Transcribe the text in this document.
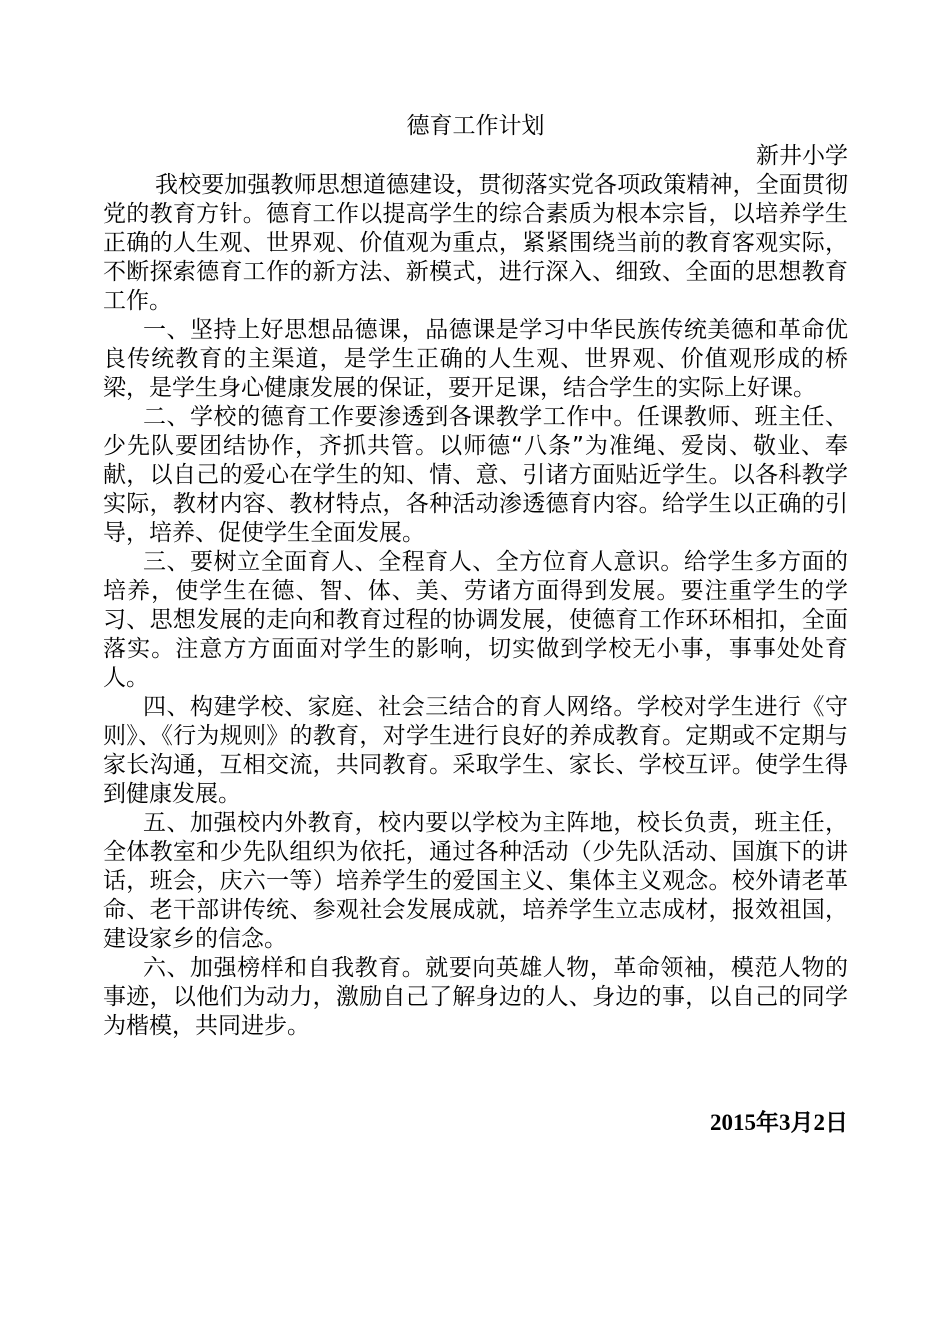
德育工作计划
新井小学

我校要加强教师思想道德建设，贯彻落实党各项政策精神，全面贯彻党的教育方针。德育工作以提高学生的综合素质为根本宗旨，以培养学生正确的人生观、世界观、价值观为重点，紧紧围绕当前的教育客观实际，不断探索德育工作的新方法、新模式，进行深入、细致、全面的思想教育工作。

一、坚持上好思想品德课，品德课是学习中华民族传统美德和革命优良传统教育的主渠道，是学生正确的人生观、世界观、价值观形成的桥梁，是学生身心健康发展的保证，要开足课，结合学生的实际上好课。

二、学校的德育工作要渗透到各课教学工作中。任课教师、班主任、少先队要团结协作，齐抓共管。以师德“八条”为准绳、爱岗、敬业、奉献，以自己的爱心在学生的知、情、意、引诸方面贴近学生。以各科教学实际，教材内容、教材特点，各种活动渗透德育内容。给学生以正确的引导，培养、促使学生全面发展。

三、要树立全面育人、全程育人、全方位育人意识。给学生多方面的培养，使学生在德、智、体、美、劳诸方面得到发展。要注重学生的学习、思想发展的走向和教育过程的协调发展，使德育工作环环相扣，全面落实。注意方方面面对学生的影响，切实做到学校无小事，事事处处育人。

四、构建学校、家庭、社会三结合的育人网络。学校对学生进行《守则》、《行为规则》的教育，对学生进行良好的养成教育。定期或不定期与家长沟通，互相交流，共同教育。采取学生、家长、学校互评。使学生得到健康发展。

五、加强校内外教育，校内要以学校为主阵地，校长负责，班主任，全体教室和少先队组织为依托，通过各种活动（少先队活动、国旗下的讲话，班会，庆六一等）培养学生的爱国主义、集体主义观念。校外请老革命、老干部讲传统、参观社会发展成就，培养学生立志成材，报效祖国，建设家乡的信念。

六、加强榜样和自我教育。就要向英雄人物，革命领袖，模范人物的事迹，以他们为动力，激励自己了解身边的人、身边的事，以自己的同学为楷模，共同进步。

2015年3月2日
